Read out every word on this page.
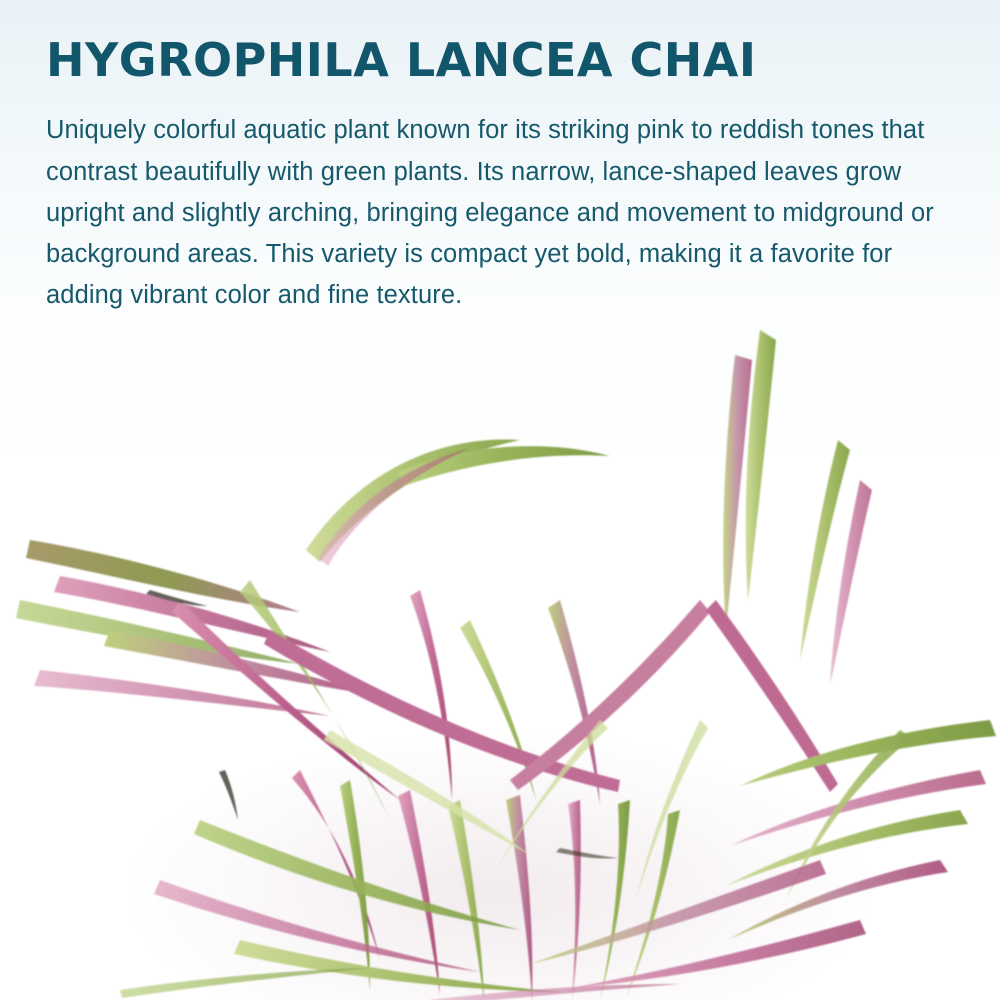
HYGROPHILA LANCEA CHAI

Uniquely colorful aquatic plant known for its striking pink to reddish tones that contrast beautifully with green plants. Its narrow, lance-shaped leaves grow upright and slightly arching, bringing elegance and movement to midground or background areas. This variety is compact yet bold, making it a favorite for adding vibrant color and fine texture.
